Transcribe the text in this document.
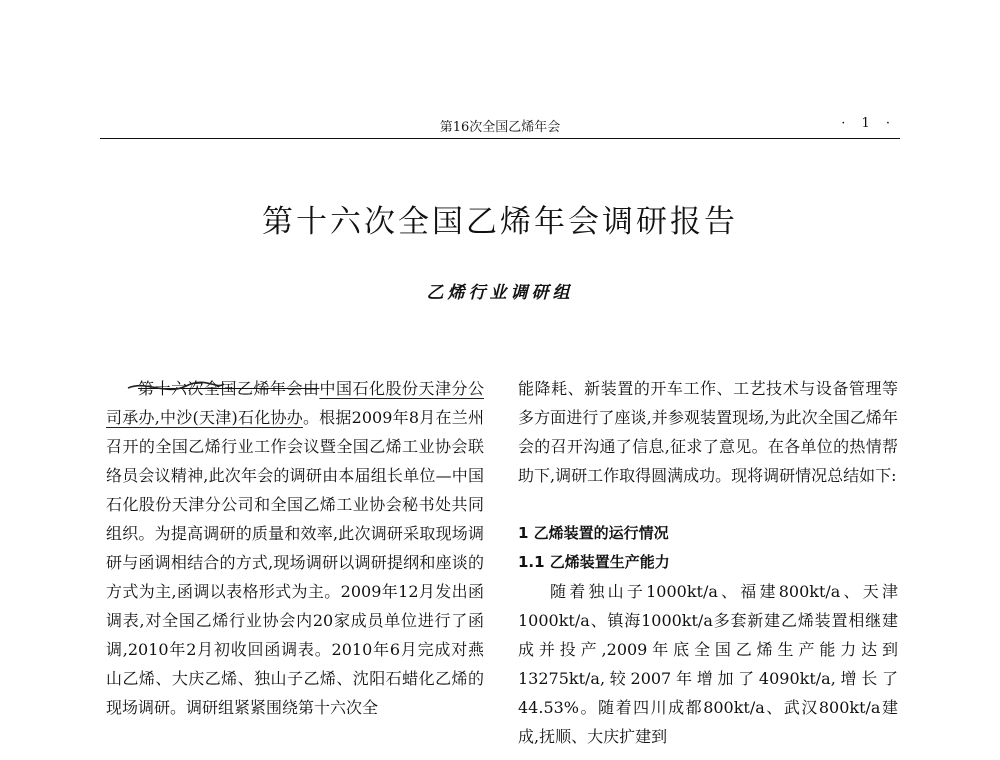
第16次全国乙烯年会	· 1 ·
第十六次全国乙烯年会调研报告
乙烯行业调研组

第十六次全国乙烯年会由中国石化股份天津分公司承办,中沙(天津)石化协办。根据2009年8月在兰州召开的全国乙烯行业工作会议暨全国乙烯工业协会联络员会议精神,此次年会的调研由本届组长单位—中国石化股份天津分公司和全国乙烯工业协会秘书处共同组织。为提高调研的质量和效率,此次调研采取现场调研与函调相结合的方式,现场调研以调研提纲和座谈的方式为主,函调以表格形式为主。2009年12月发出函调表,对全国乙烯行业协会内20家成员单位进行了函调,2010年2月初收回函调表。2010年6月完成对燕山乙烯、大庆乙烯、独山子乙烯、沈阳石蜡化乙烯的现场调研。调研组紧紧围绕第十六次全

能降耗、新装置的开车工作、工艺技术与设备管理等多方面进行了座谈,并参观装置现场,为此次全国乙烯年会的召开沟通了信息,征求了意见。在各单位的热情帮助下,调研工作取得圆满成功。现将调研情况总结如下:

1 乙烯装置的运行情况

1.1 乙烯装置生产能力

随着独山子1000kt/a、福建800kt/a、天津1000kt/a、镇海1000kt/a多套新建乙烯装置相继建成并投产,2009年底全国乙烯生产能力达到13275kt/a,较2007年增加了4090kt/a,增长了44.53%。随着四川成都800kt/a、武汉800kt/a建成,抚顺、大庆扩建到
